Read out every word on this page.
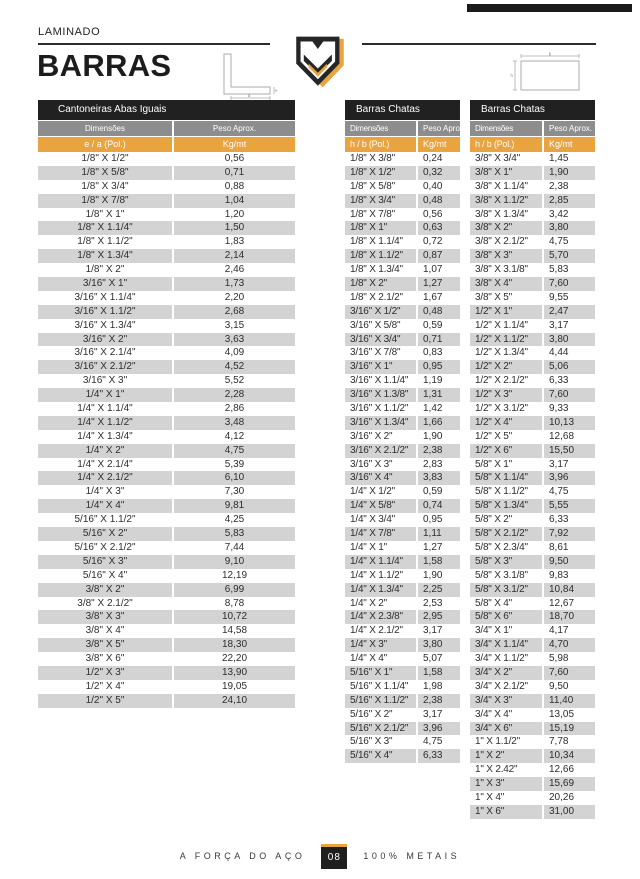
LAMINADO
BARRAS
a
e
b
h
Cantoneiras Abas Iguais
Dimensões	Peso Aprox.
e / a (Pol.)	Kg/mt
1/8" X 1/2"	0,56
1/8" X 5/8"	0,71
1/8" X 3/4"	0,88
1/8" X 7/8"	1,04
1/8" X 1"	1,20
1/8" X 1.1/4"	1,50
1/8" X 1.1/2"	1,83
1/8" X 1.3/4"	2,14
1/8" X 2"	2,46
3/16" X 1"	1,73
3/16" X 1.1/4"	2,20
3/16" X 1.1/2"	2,68
3/16" X 1.3/4"	3,15
3/16" X 2"	3,63
3/16" X 2.1/4"	4,09
3/16" X 2.1/2"	4,52
3/16" X 3"	5,52
1/4" X 1"	2,28
1/4" X 1.1/4"	2,86
1/4" X 1.1/2"	3,48
1/4" X 1.3/4"	4,12
1/4" X 2"	4,75
1/4" X 2.1/4"	5,39
1/4" X 2.1/2"	6,10
1/4" X 3"	7,30
1/4" X 4"	9,81
5/16" X 1.1/2"	4,25
5/16" X 2"	5,83
5/16" X 2.1/2"	7,44
5/16" X 3"	9,10
5/16" X 4"	12,19
3/8" X 2"	6,99
3/8" X 2.1/2"	8,78
3/8" X 3"	10,72
3/8" X 4"	14,58
3/8" X 5"	18,30
3/8" X 6"	22,20
1/2" X 3"	13,90
1/2" X 4"	19,05
1/2" X 5"	24,10
Barras Chatas
Dimensões	Peso Aprox.
h / b (Pol.)	Kg/mt
1/8" X 3/8"	0,24
1/8" X 1/2"	0,32
1/8" X 5/8"	0,40
1/8" X 3/4"	0,48
1/8" X 7/8"	0,56
1/8" X 1"	0,63
1/8" X 1.1/4"	0,72
1/8" X 1.1/2"	0,87
1/8" X 1.3/4"	1,07
1/8" X 2"	1,27
1/8" X 2.1/2"	1,67
3/16" X 1/2"	0,48
3/16" X 5/8"	0,59
3/16" X 3/4"	0,71
3/16" X 7/8"	0,83
3/16" X 1"	0,95
3/16" X 1.1/4"	1,19
3/16" X 1.3/8"	1,31
3/16" X 1.1/2"	1,42
3/16" X 1.3/4"	1,66
3/16" X 2"	1,90
3/16" X 2.1/2"	2,38
3/16" X 3"	2,83
3/16" X 4"	3,83
1/4" X 1/2"	0,59
1/4" X 5/8"	0,74
1/4" X 3/4"	0,95
1/4" X 7/8"	1,11
1/4" X 1"	1,27
1/4" X 1.1/4"	1,58
1/4" X 1.1/2"	1,90
1/4" X 1.3/4"	2,25
1/4" X 2"	2,53
1/4" X 2.3/8"	2,95
1/4" X 2.1/2"	3,17
1/4" X 3"	3,80
1/4" X 4"	5,07
5/16" X 1"	1,58
5/16" X 1.1/4"	1,98
5/16" X 1.1/2"	2,38
5/16" X 2"	3,17
5/16" X 2.1/2"	3,96
5/16" X 3"	4,75
5/16" X 4"	6,33
Barras Chatas
Dimensões	Peso Aprox.
h / b (Pol.)	Kg/mt
3/8" X 3/4"	1,45
3/8" X 1"	1,90
3/8" X 1.1/4"	2,38
3/8" X 1.1/2"	2,85
3/8" X 1.3/4"	3,42
3/8" X 2"	3,80
3/8" X 2.1/2"	4,75
3/8" X 3"	5,70
3/8" X 3.1/8"	5,83
3/8" X 4"	7,60
3/8" X 5"	9,55
1/2" X 1"	2,47
1/2" X 1.1/4"	3,17
1/2" X 1.1/2"	3,80
1/2" X 1.3/4"	4,44
1/2" X 2"	5,06
1/2" X 2.1/2"	6,33
1/2" X 3"	7,60
1/2" X 3.1/2"	9,33
1/2" X 4"	10,13
1/2" X 5"	12,68
1/2" X 6"	15,50
5/8" X 1"	3,17
5/8" X 1.1/4"	3,96
5/8" X 1.1/2"	4,75
5/8" X 1.3/4"	5,55
5/8" X 2"	6,33
5/8" X 2.1/2"	7,92
5/8" X 2.3/4"	8,61
5/8" X 3"	9,50
5/8" X 3.1/8"	9,83
5/8" X 3.1/2"	10,84
5/8" X 4"	12,67
5/8" X 6"	18,70
3/4" X 1"	4,17
3/4" X 1.1/4"	4,70
3/4" X 1.1/2"	5,98
3/4" X 2"	7,60
3/4" X 2.1/2"	9,50
3/4" X 3"	11,40
3/4" X 4"	13,05
3/4" X 6"	15,19
1" X 1.1/2"	7,78
1" X 2"	10,34
1" X 2.42"	12,66
1" X 3"	15,69
1" X 4"	20,26
1" X 6"	31,00
A FORÇA DO AÇO	08	100% METAIS
